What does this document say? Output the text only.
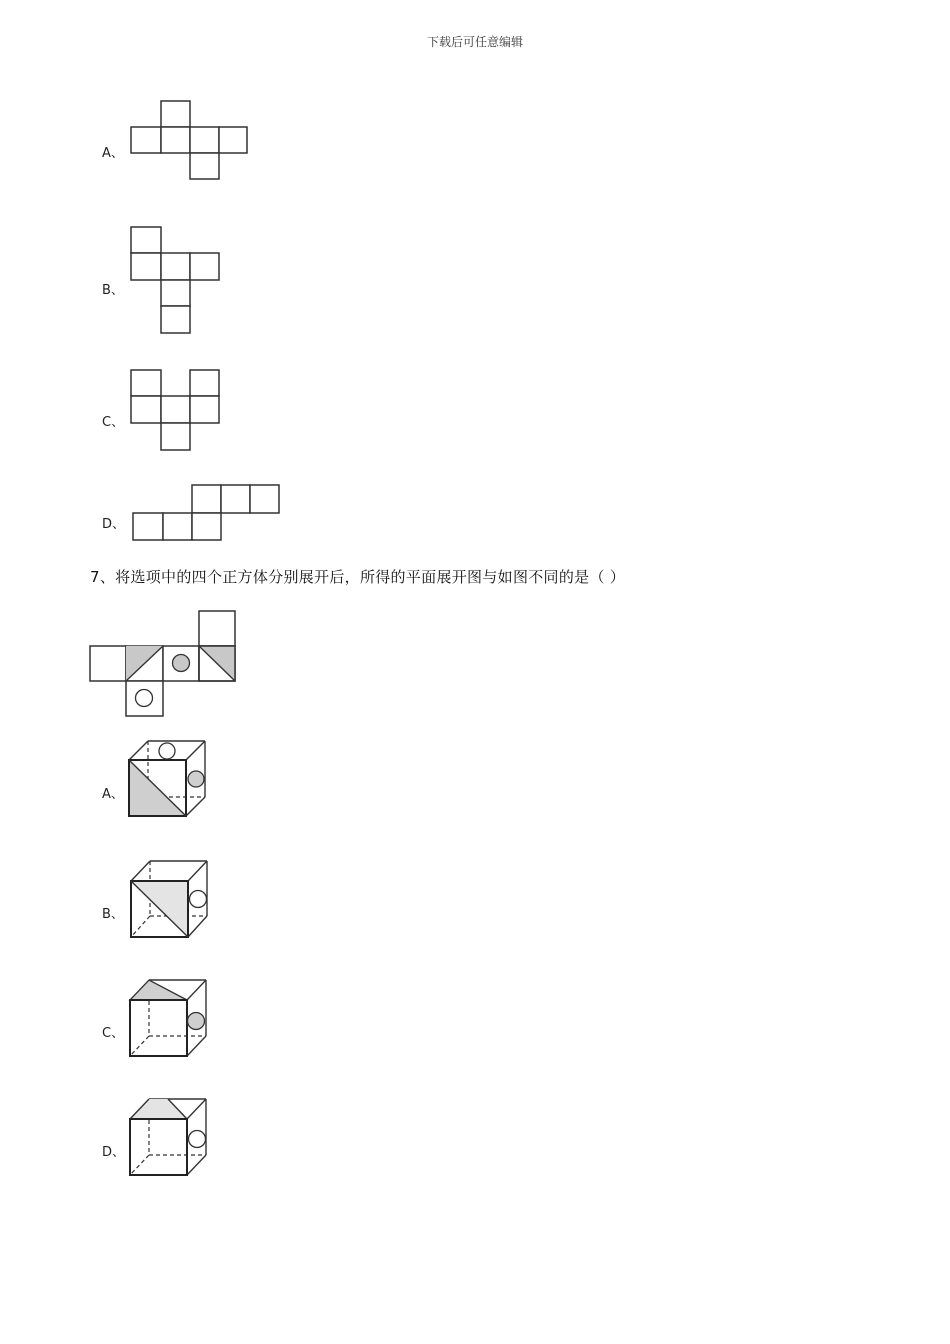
下载后可任意编辑
A、
B、
C、
D、
7、将选项中的四个正方体分别展开后，所得的平面展开图与如图不同的是（ ）
A、
B、
C、
D、
